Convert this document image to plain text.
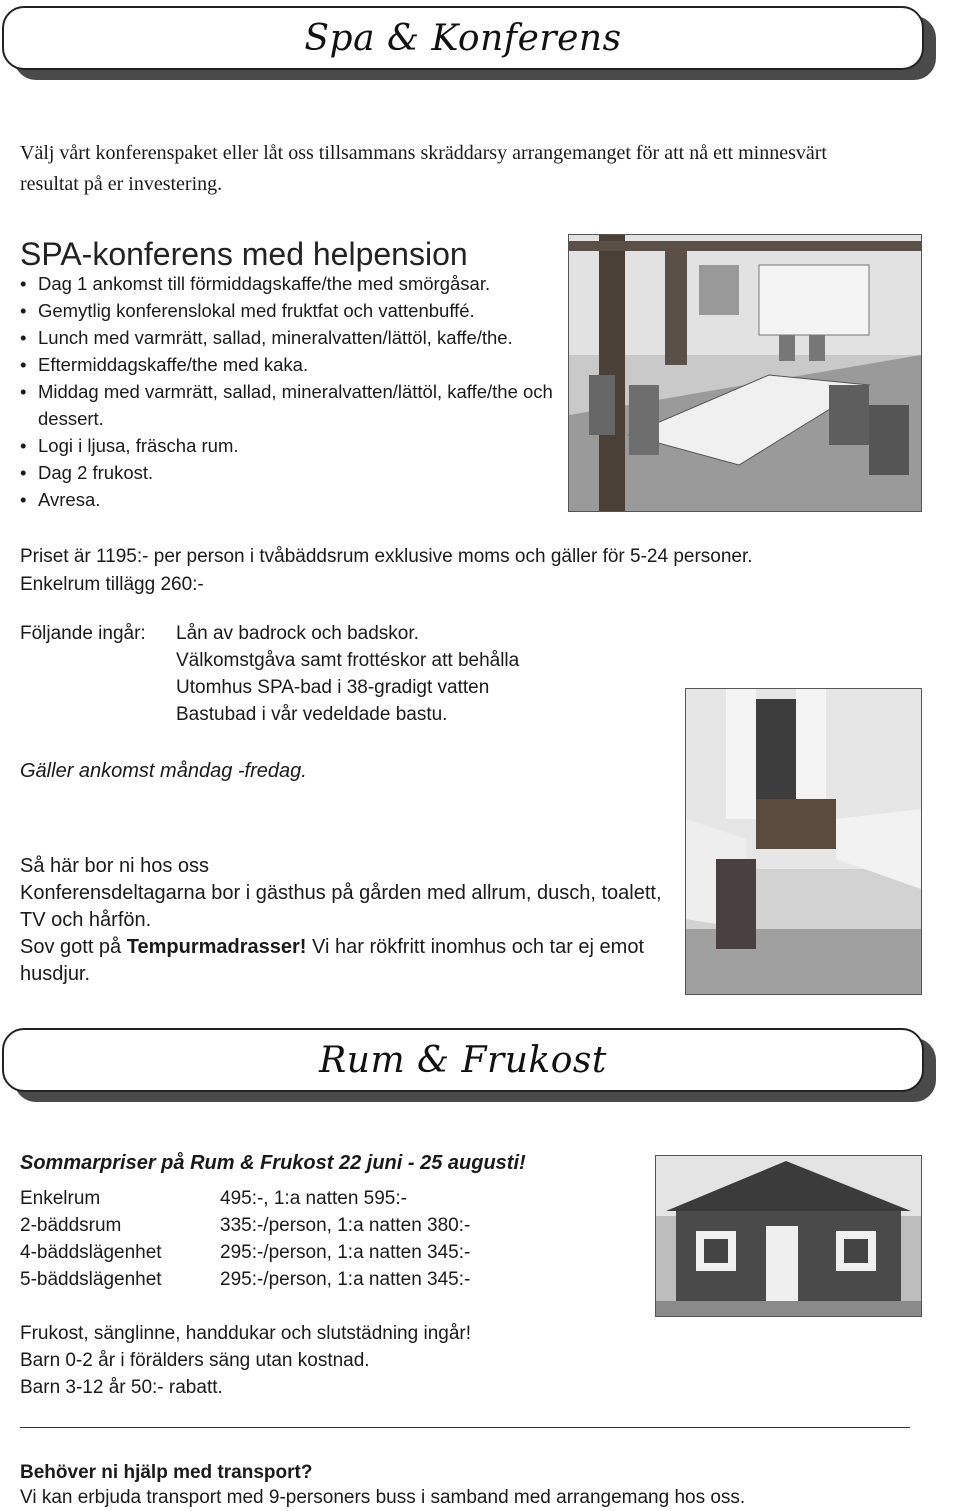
Spa & Konferens
Välj vårt konferenspaket eller låt oss tillsammans skräddarsy arrangemanget för att nå ett minnesvärt resultat på er investering.
SPA-konferens med helpension
• Dag 1 ankomst till förmiddagskaffe/the med smörgåsar.
• Gemytlig konferenslokal med fruktfat och vattenbuffé.
• Lunch med varmrätt, sallad, mineralvatten/lättöl, kaffe/the.
• Eftermiddagskaffe/the med kaka.
• Middag med varmrätt, sallad, mineralvatten/lättöl, kaffe/the och dessert.
• Logi i ljusa, fräscha rum.
• Dag 2 frukost.
• Avresa.
Priset är 1195:- per person i tvåbäddsrum exklusive moms och gäller för 5-24 personer.
Enkelrum tillägg 260:-
Följande ingår:	Lån av badrock och badskor.
Välkomstgåva samt frottéskor att behålla
Utomhus SPA-bad i 38-gradigt vatten
Bastubad i vår vedeldade bastu.
Gäller ankomst måndag -fredag.
Så här bor ni hos oss
Konferensdeltagarna bor i gästhus på gården med allrum, dusch, toalett, TV och hårfön.
Sov gott på Tempurmadrasser! Vi har rökfritt inomhus och tar ej emot husdjur.
Rum & Frukost
Sommarpriser på Rum & Frukost 22 juni - 25 augusti!
Enkelrum	495:-, 1:a natten 595:-
2-bäddsrum	335:-/person, 1:a natten 380:-
4-bäddslägenhet	295:-/person, 1:a natten 345:-
5-bäddslägenhet	295:-/person, 1:a natten 345:-
Frukost, sänglinne, handdukar och slutstädning ingår!
Barn 0-2 år i förälders säng utan kostnad.
Barn 3-12 år 50:- rabatt.
Behöver ni hjälp med transport?
Vi kan erbjuda transport med 9-personers buss i samband med arrangemang hos oss.
